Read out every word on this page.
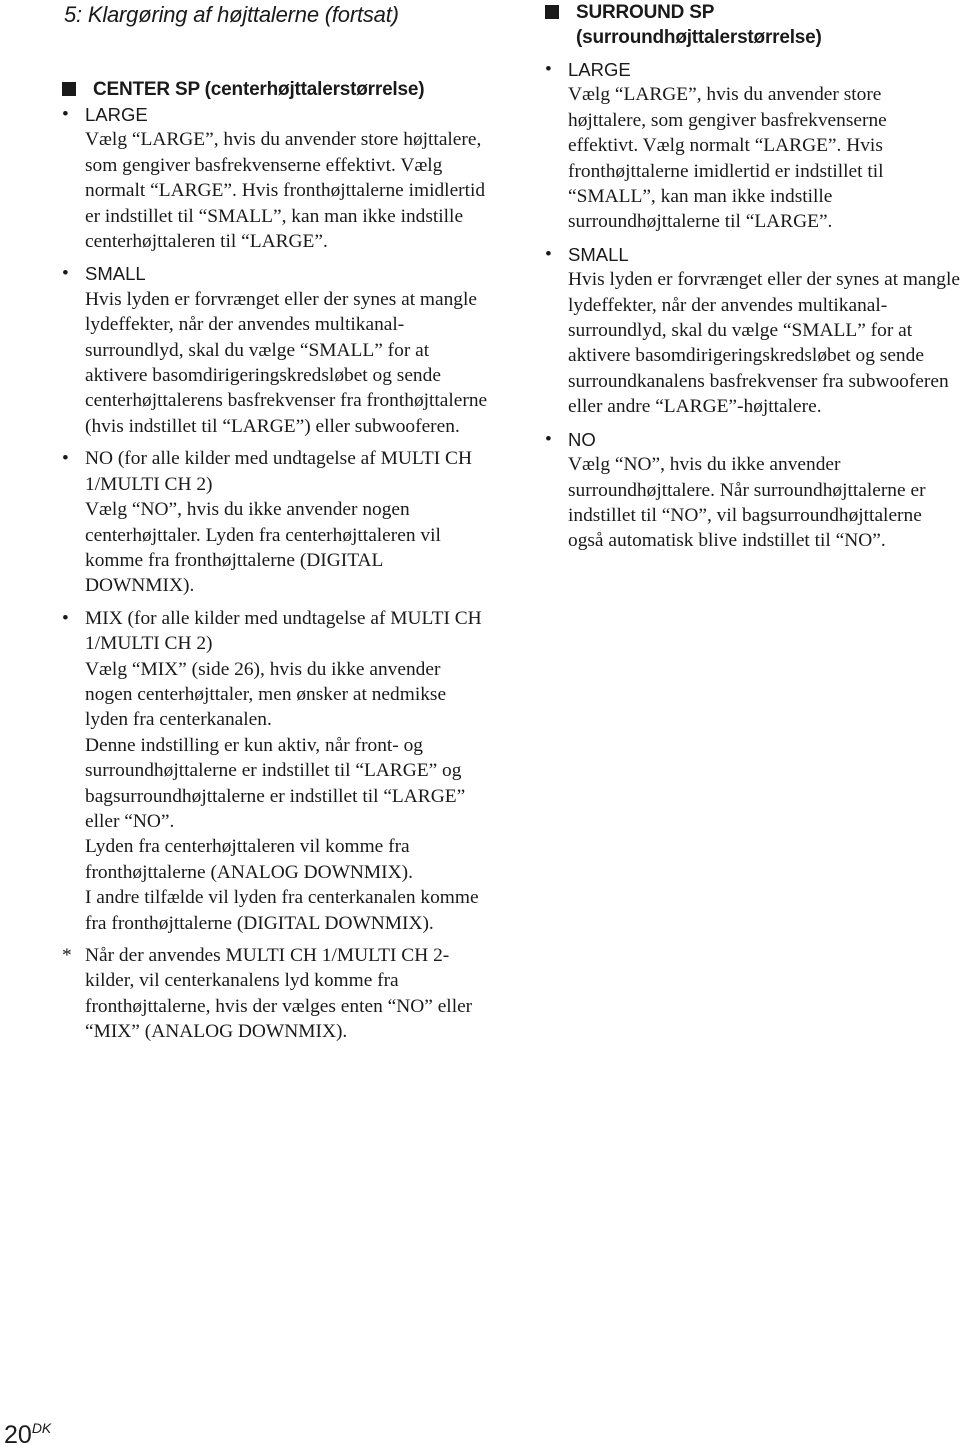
5: Klargøring af højttalerne (fortsat)
CENTER SP (centerhøjttalerstørrelse)
• LARGE
Vælg “LARGE”, hvis du anvender store højttalere, som gengiver basfrekvenserne effektivt. Vælg normalt “LARGE”. Hvis fronthøjttalerne imidlertid er indstillet til “SMALL”, kan man ikke indstille centerhøjttaleren til “LARGE”.
• SMALL
Hvis lyden er forvrænget eller der synes at mangle lydeffekter, når der anvendes multikanal-surroundlyd, skal du vælge “SMALL” for at aktivere basomdirigeringskredsløbet og sende centerhøjttalerens basfrekvenser fra fronthøjttalerne (hvis indstillet til “LARGE”) eller subwooferen.
• NO (for alle kilder med undtagelse af MULTI CH 1/MULTI CH 2)
Vælg “NO”, hvis du ikke anvender nogen centerhøjttaler. Lyden fra centerhøjttaleren vil komme fra fronthøjttalerne (DIGITAL DOWNMIX).
• MIX (for alle kilder med undtagelse af MULTI CH 1/MULTI CH 2)
Vælg “MIX” (side 26), hvis du ikke anvender nogen centerhøjttaler, men ønsker at nedmikse lyden fra centerkanalen.
Denne indstilling er kun aktiv, når front- og surroundhøjttalerne er indstillet til “LARGE” og bagsurroundhøjttalerne er indstillet til “LARGE” eller “NO”.
Lyden fra centerhøjttaleren vil komme fra fronthøjttalerne (ANALOG DOWNMIX).
I andre tilfælde vil lyden fra centerkanalen komme fra fronthøjttalerne (DIGITAL DOWNMIX).
* Når der anvendes MULTI CH 1/MULTI CH 2-kilder, vil centerkanalens lyd komme fra fronthøjttalerne, hvis der vælges enten “NO” eller “MIX” (ANALOG DOWNMIX).
SURROUND SP
(surroundhøjttalerstørrelse)
• LARGE
Vælg “LARGE”, hvis du anvender store højttalere, som gengiver basfrekvenserne effektivt. Vælg normalt “LARGE”. Hvis fronthøjttalerne imidlertid er indstillet til “SMALL”, kan man ikke indstille surroundhøjttalerne til “LARGE”.
• SMALL
Hvis lyden er forvrænget eller der synes at mangle lydeffekter, når der anvendes multikanal-surroundlyd, skal du vælge “SMALL” for at aktivere basomdirigeringskredsløbet og sende surroundkanalens basfrekvenser fra subwooferen eller andre “LARGE”-højttalere.
• NO
Vælg “NO”, hvis du ikke anvender surroundhøjttalere. Når surroundhøjttalerne er indstillet til “NO”, vil bagsurroundhøjttalerne også automatisk blive indstillet til “NO”.
$20^{DK}$
